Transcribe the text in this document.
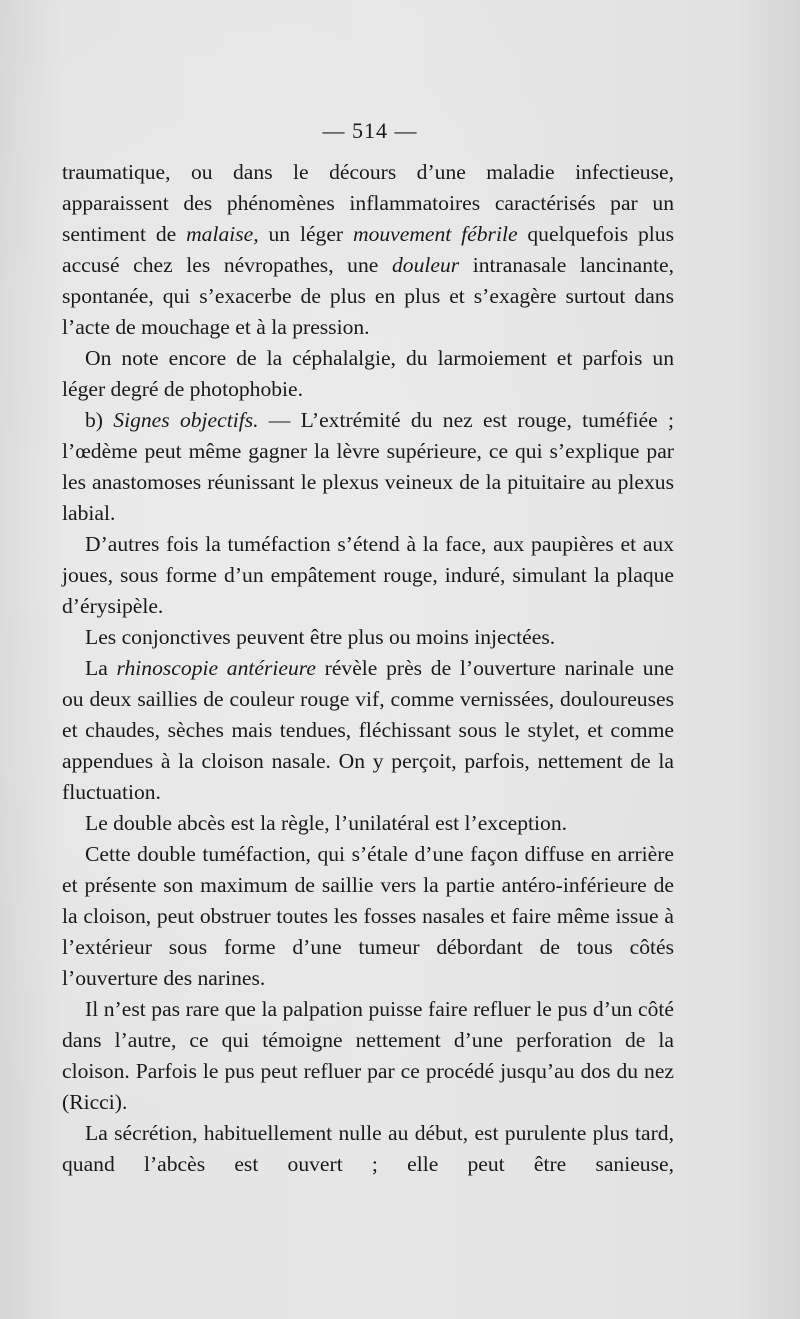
— 514 —

traumatique, ou dans le décours d’une maladie infectieuse, apparaissent des phénomènes inflammatoires caractérisés par un sentiment de malaise, un léger mouvement fébrile quelquefois plus accusé chez les névropathes, une douleur intranasale lancinante, spontanée, qui s’exacerbe de plus en plus et s’exagère surtout dans l’acte de mouchage et à la pression.

On note encore de la céphalalgie, du larmoiement et parfois un léger degré de photophobie.

b) Signes objectifs. — L’extrémité du nez est rouge, tuméfiée ; l’œdème peut même gagner la lèvre supérieure, ce qui s’explique par les anastomoses réunissant le plexus veineux de la pituitaire au plexus labial.

D’autres fois la tuméfaction s’étend à la face, aux paupières et aux joues, sous forme d’un empâtement rouge, induré, simulant la plaque d’érysipèle.

Les conjonctives peuvent être plus ou moins injectées.

La rhinoscopie antérieure révèle près de l’ouverture narinale une ou deux saillies de couleur rouge vif, comme vernissées, douloureuses et chaudes, sèches mais tendues, fléchissant sous le stylet, et comme appendues à la cloison nasale. On y perçoit, parfois, nettement de la fluctuation.

Le double abcès est la règle, l’unilatéral est l’exception.

Cette double tuméfaction, qui s’étale d’une façon diffuse en arrière et présente son maximum de saillie vers la partie antéro-inférieure de la cloison, peut obstruer toutes les fosses nasales et faire même issue à l’extérieur sous forme d’une tumeur débordant de tous côtés l’ouverture des narines.

Il n’est pas rare que la palpation puisse faire refluer le pus d’un côté dans l’autre, ce qui témoigne nettement d’une perforation de la cloison. Parfois le pus peut refluer par ce procédé jusqu’au dos du nez (Ricci).

La sécrétion, habituellement nulle au début, est purulente plus tard, quand l’abcès est ouvert ; elle peut être sanieuse,
